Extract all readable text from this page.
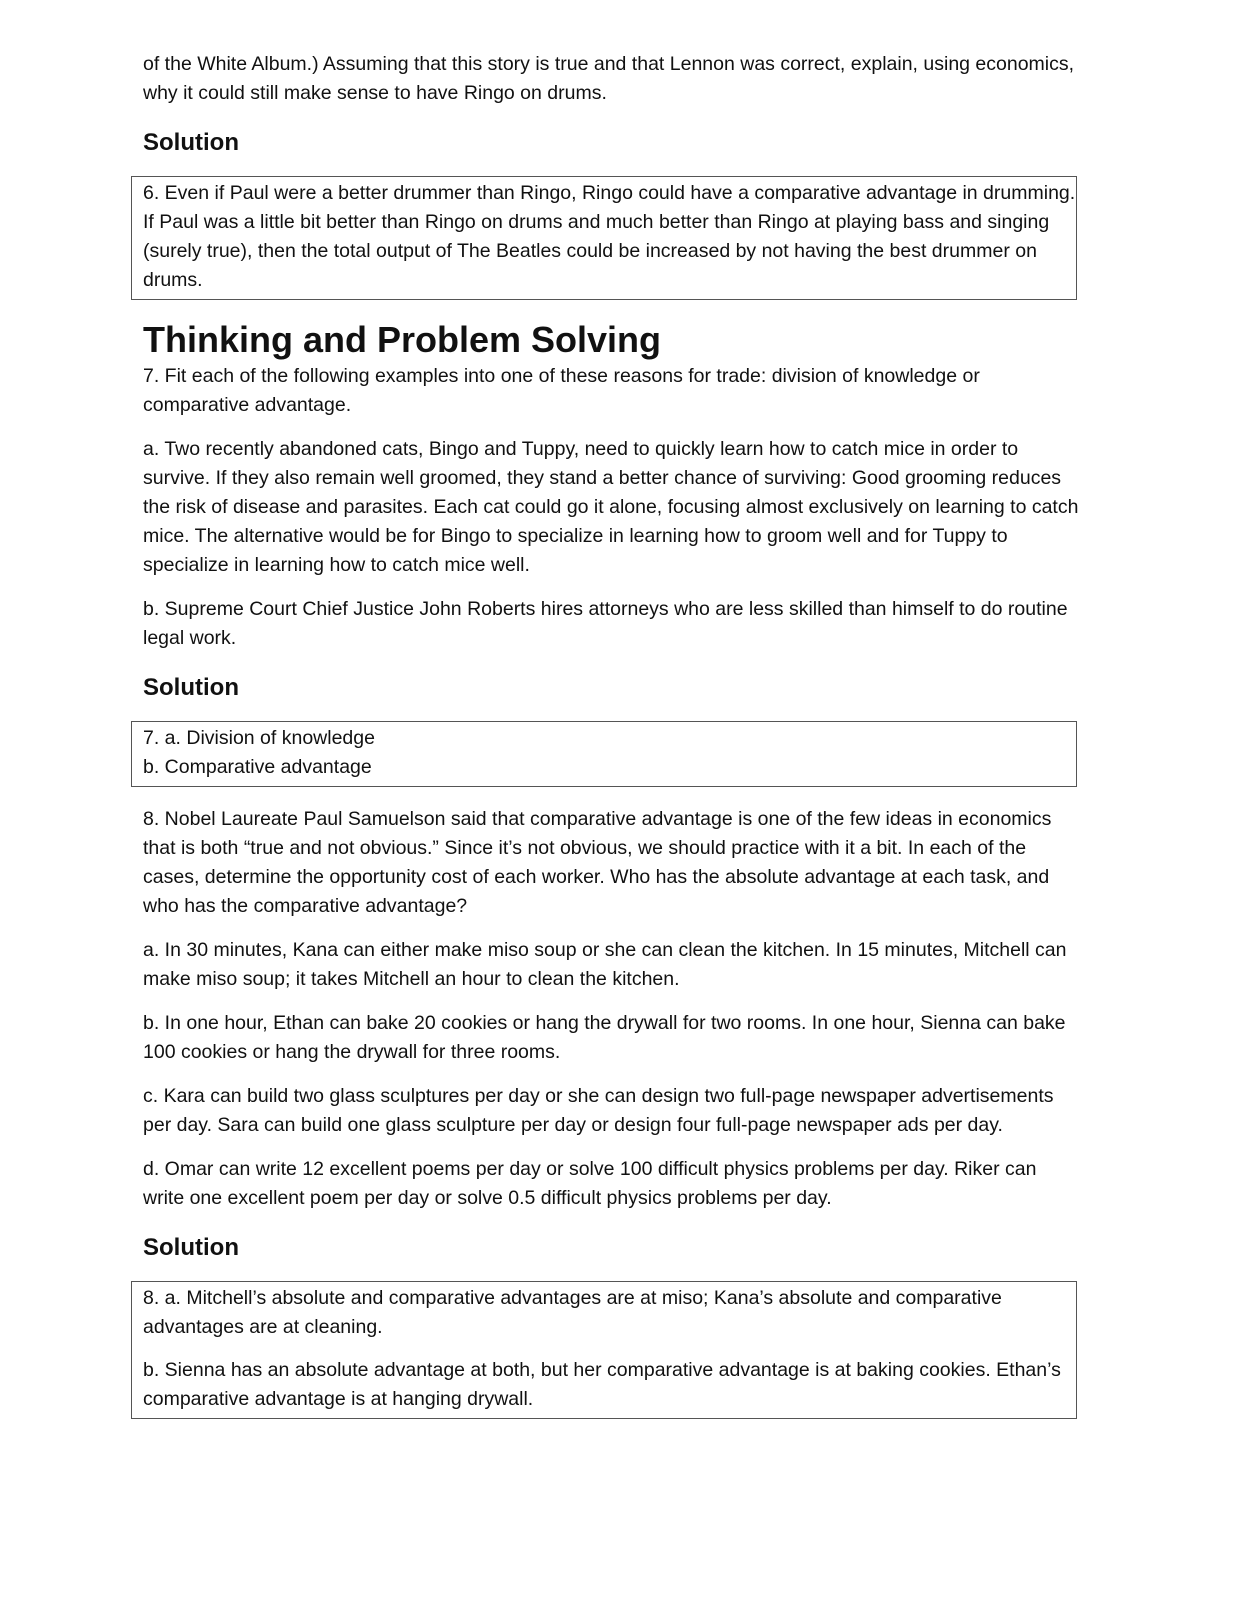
of the White Album.) Assuming that this story is true and that Lennon was correct, explain, using economics, why it could still make sense to have Ringo on drums.

Solution

6. Even if Paul were a better drummer than Ringo, Ringo could have a comparative advantage in drumming. If Paul was a little bit better than Ringo on drums and much better than Ringo at playing bass and singing (surely true), then the total output of The Beatles could be increased by not having the best drummer on drums.

Thinking and Problem Solving

7. Fit each of the following examples into one of these reasons for trade: division of knowledge or comparative advantage.

a. Two recently abandoned cats, Bingo and Tuppy, need to quickly learn how to catch mice in order to survive. If they also remain well groomed, they stand a better chance of surviving: Good grooming reduces the risk of disease and parasites. Each cat could go it alone, focusing almost exclusively on learning to catch mice. The alternative would be for Bingo to specialize in learning how to groom well and for Tuppy to specialize in learning how to catch mice well.

b. Supreme Court Chief Justice John Roberts hires attorneys who are less skilled than himself to do routine legal work.

Solution

7. a. Division of knowledge

b. Comparative advantage

8. Nobel Laureate Paul Samuelson said that comparative advantage is one of the few ideas in economics that is both “true and not obvious.” Since it’s not obvious, we should practice with it a bit. In each of the cases, determine the opportunity cost of each worker. Who has the absolute advantage at each task, and who has the comparative advantage?

a. In 30 minutes, Kana can either make miso soup or she can clean the kitchen. In 15 minutes, Mitchell can make miso soup; it takes Mitchell an hour to clean the kitchen.

b. In one hour, Ethan can bake 20 cookies or hang the drywall for two rooms. In one hour, Sienna can bake 100 cookies or hang the drywall for three rooms.

c. Kara can build two glass sculptures per day or she can design two full-page newspaper advertisements per day. Sara can build one glass sculpture per day or design four full-page newspaper ads per day.

d. Omar can write 12 excellent poems per day or solve 100 difficult physics problems per day. Riker can write one excellent poem per day or solve 0.5 difficult physics problems per day.

Solution

8. a. Mitchell’s absolute and comparative advantages are at miso; Kana’s absolute and comparative advantages are at cleaning.

b. Sienna has an absolute advantage at both, but her comparative advantage is at baking cookies. Ethan’s comparative advantage is at hanging drywall.
